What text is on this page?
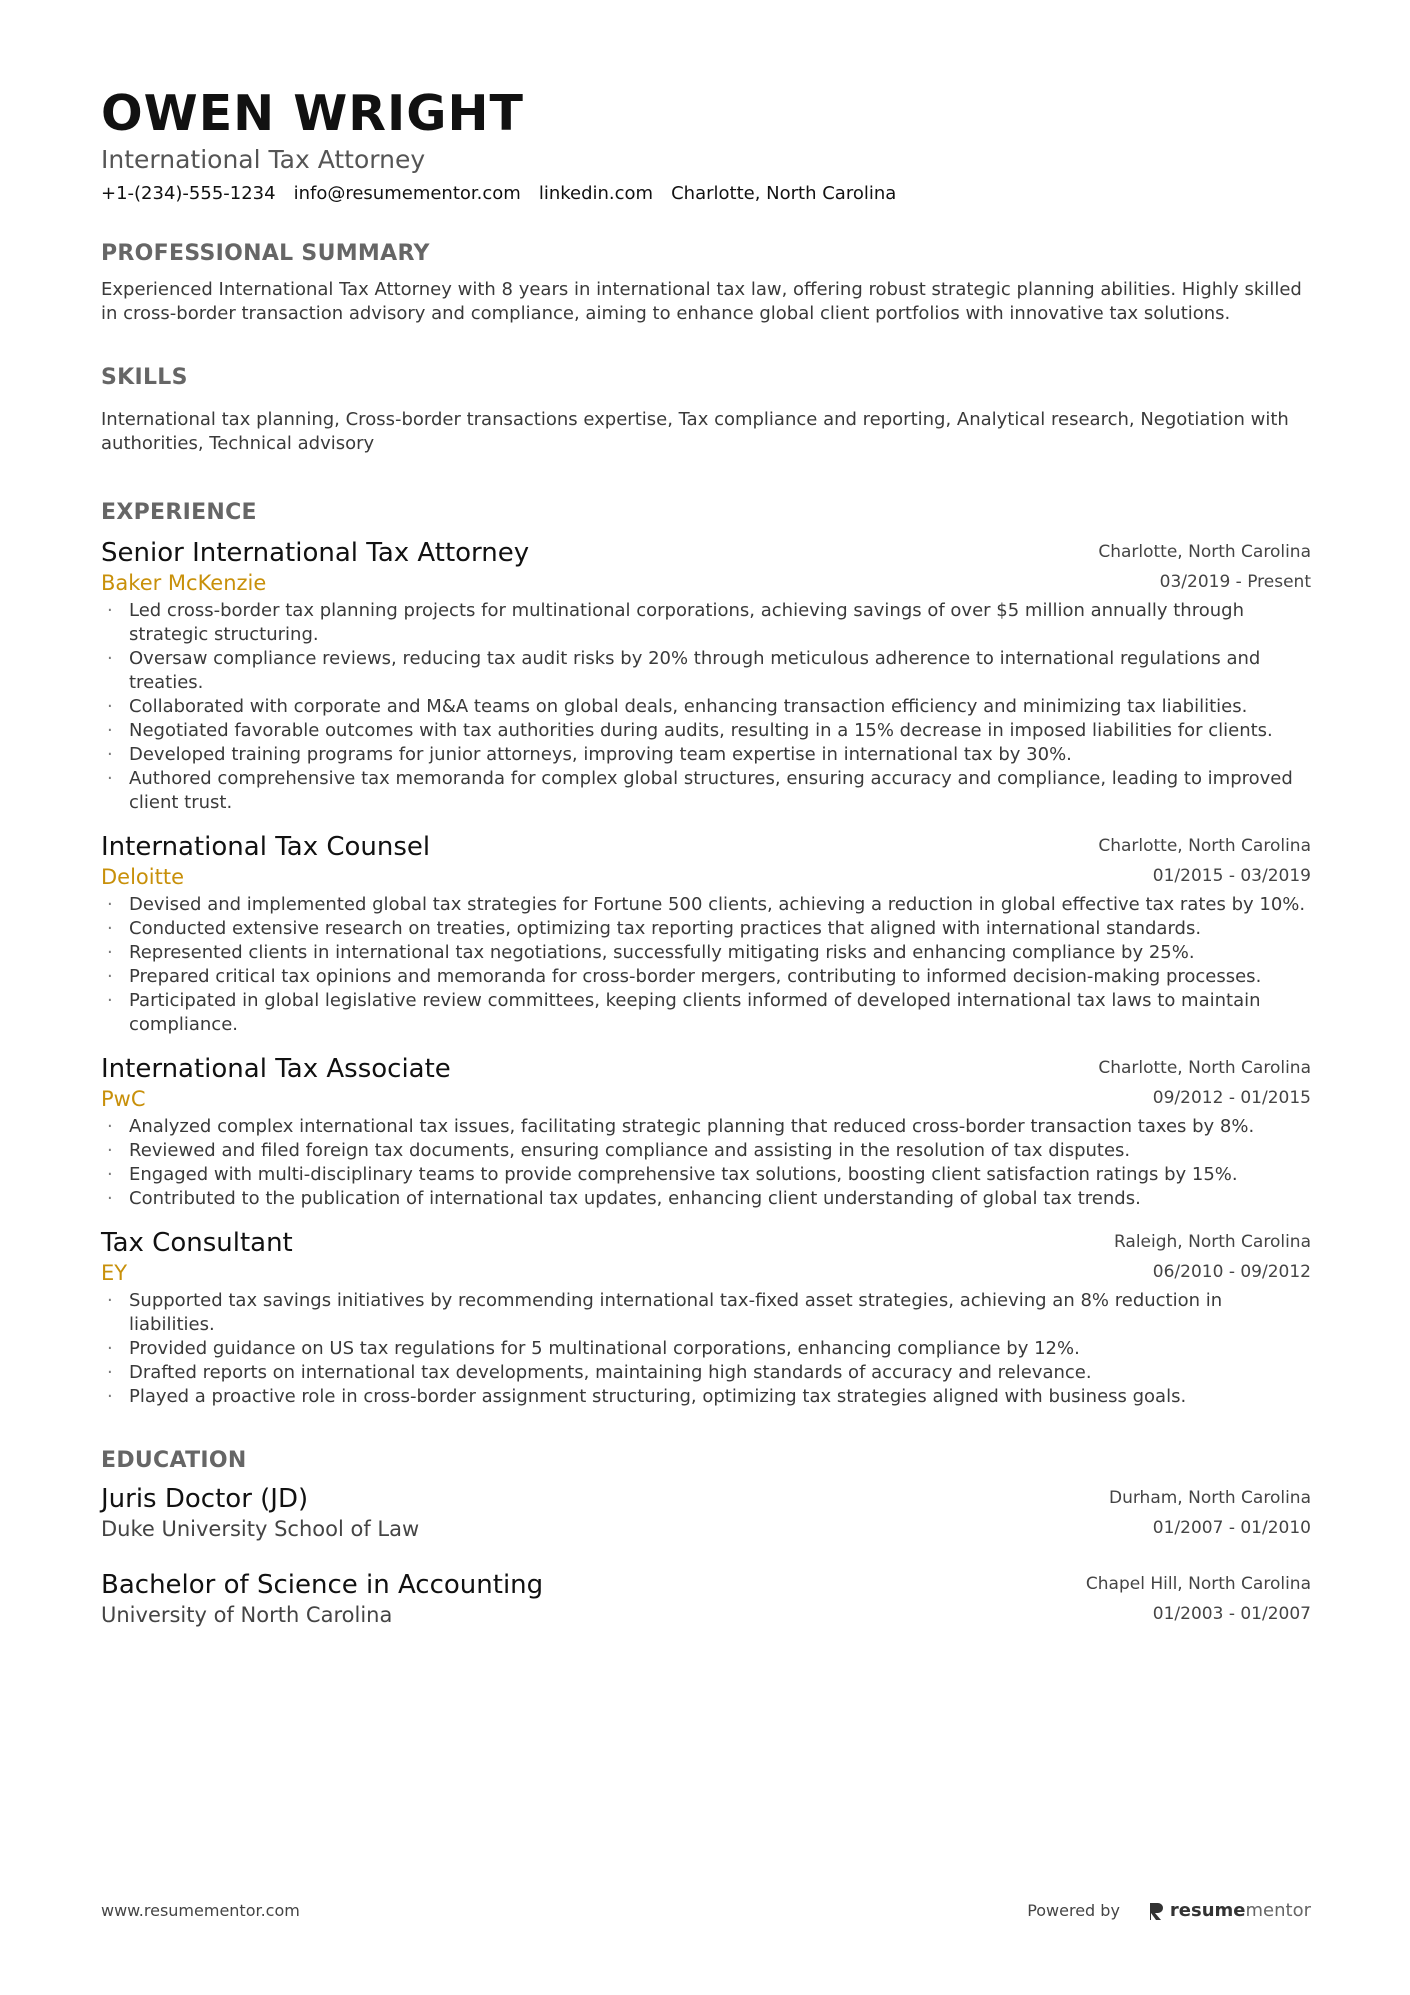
OWEN WRIGHT
International Tax Attorney
+1-(234)-555-1234 info@resumementor.com linkedin.com Charlotte, North Carolina
PROFESSIONAL SUMMARY
Experienced International Tax Attorney with 8 years in international tax law, offering robust strategic planning abilities. Highly skilled in cross-border transaction advisory and compliance, aiming to enhance global client portfolios with innovative tax solutions.
SKILLS
International tax planning, Cross-border transactions expertise, Tax compliance and reporting, Analytical research, Negotiation with authorities, Technical advisory
EXPERIENCE
Senior International Tax Attorney
Baker McKenzie
Charlotte, North Carolina
03/2019 - Present
· Led cross-border tax planning projects for multinational corporations, achieving savings of over $5 million annually through strategic structuring.
· Oversaw compliance reviews, reducing tax audit risks by 20% through meticulous adherence to international regulations and treaties.
· Collaborated with corporate and M&A teams on global deals, enhancing transaction efficiency and minimizing tax liabilities.
· Negotiated favorable outcomes with tax authorities during audits, resulting in a 15% decrease in imposed liabilities for clients.
· Developed training programs for junior attorneys, improving team expertise in international tax by 30%.
· Authored comprehensive tax memoranda for complex global structures, ensuring accuracy and compliance, leading to improved client trust.
International Tax Counsel
Deloitte
Charlotte, North Carolina
01/2015 - 03/2019
· Devised and implemented global tax strategies for Fortune 500 clients, achieving a reduction in global effective tax rates by 10%.
· Conducted extensive research on treaties, optimizing tax reporting practices that aligned with international standards.
· Represented clients in international tax negotiations, successfully mitigating risks and enhancing compliance by 25%.
· Prepared critical tax opinions and memoranda for cross-border mergers, contributing to informed decision-making processes.
· Participated in global legislative review committees, keeping clients informed of developed international tax laws to maintain compliance.
International Tax Associate
PwC
Charlotte, North Carolina
09/2012 - 01/2015
· Analyzed complex international tax issues, facilitating strategic planning that reduced cross-border transaction taxes by 8%.
· Reviewed and filed foreign tax documents, ensuring compliance and assisting in the resolution of tax disputes.
· Engaged with multi-disciplinary teams to provide comprehensive tax solutions, boosting client satisfaction ratings by 15%.
· Contributed to the publication of international tax updates, enhancing client understanding of global tax trends.
Tax Consultant
EY
Raleigh, North Carolina
06/2010 - 09/2012
· Supported tax savings initiatives by recommending international tax-fixed asset strategies, achieving an 8% reduction in liabilities.
· Provided guidance on US tax regulations for 5 multinational corporations, enhancing compliance by 12%.
· Drafted reports on international tax developments, maintaining high standards of accuracy and relevance.
· Played a proactive role in cross-border assignment structuring, optimizing tax strategies aligned with business goals.
EDUCATION
Juris Doctor (JD)
Duke University School of Law
Durham, North Carolina
01/2007 - 01/2010
Bachelor of Science in Accounting
University of North Carolina
Chapel Hill, North Carolina
01/2003 - 01/2007
www.resumementor.com	Powered by	resumementor
